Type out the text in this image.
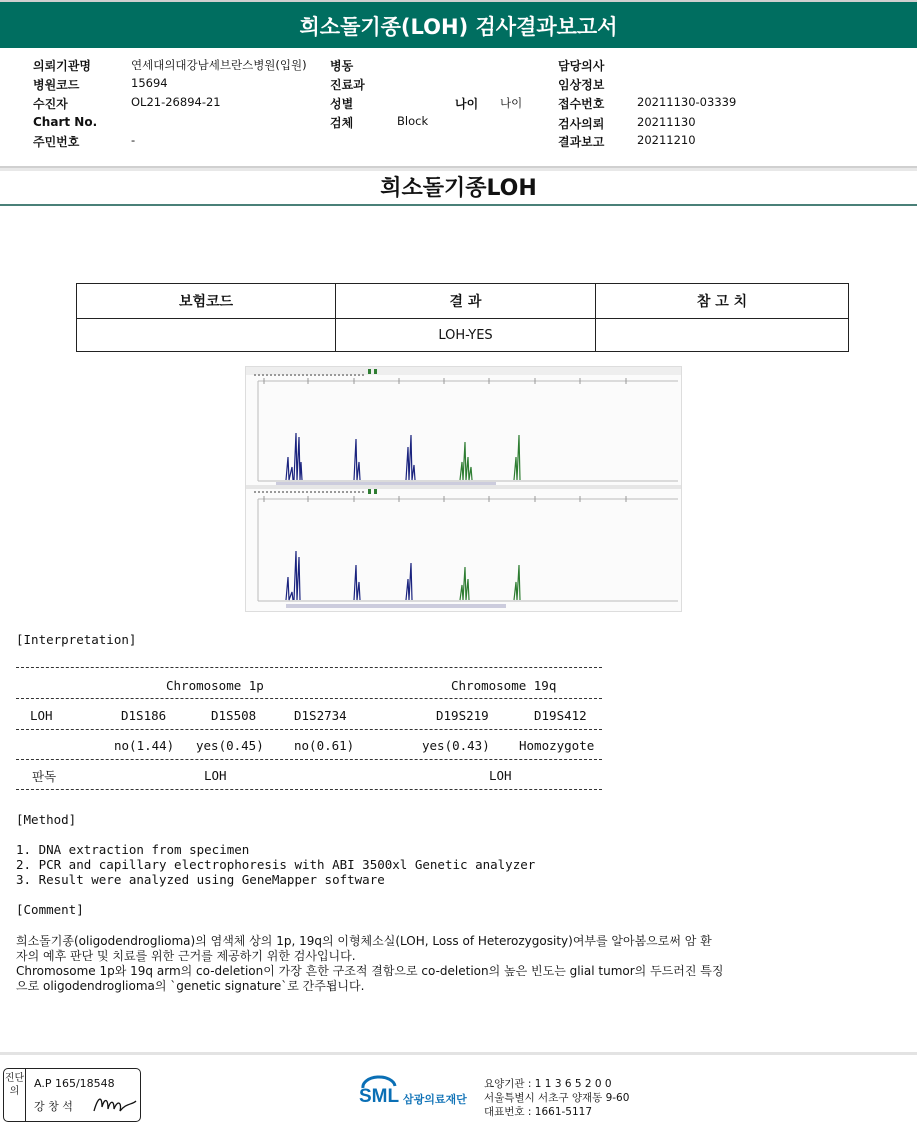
희소돌기종(LOH) 검사결과보고서
의뢰기관명	연세대의대강남세브란스병원(입원)
병원코드	15694
수진자	OL21-26894-21
Chart No.
주민번호	-
병동
진료과
성별	나이 나이
검체	Block
담당의사
임상정보
접수번호	20211130-03339
검사의뢰	20211130
결과보고	20211210
희소돌기종LOH
보험코드	결 과	참 고 치
	LOH-YES	
[Interpretation]
Chromosome 1p	Chromosome 19q
LOH	D1S186	D1S508	D1S2734	D19S219	D19S412
no(1.44) yes(0.45) no(0.61)	yes(0.43) Homozygote
판독	LOH	LOH
[Method]
1. DNA extraction from specimen
2. PCR and capillary electrophoresis with ABI 3500xl Genetic analyzer
3. Result were analyzed using GeneMapper software
[Comment]
희소돌기종(oligodendroglioma)의 염색체 상의 1p, 19q의 이형체소실(LOH, Loss of Heterozygosity)여부를 알아봄으로써 암 환
자의 예후 판단 및 치료를 위한 근거를 제공하기 위한 검사입니다.
Chromosome 1p와 19q arm의 co-deletion이 가장 흔한 구조적 결함으로 co-deletion의 높은 빈도는 glial tumor의 두드러진 특징
으로 oligodendroglioma의 `genetic signature`로 간주됩니다.
진단의
A.P 165/18548
강 창 석	SML 삼광의료재단
요양기관 : 1 1 3 6 5 2 0 0
서울특별시 서초구 양재동 9-60
대표번호 : 1661-5117
